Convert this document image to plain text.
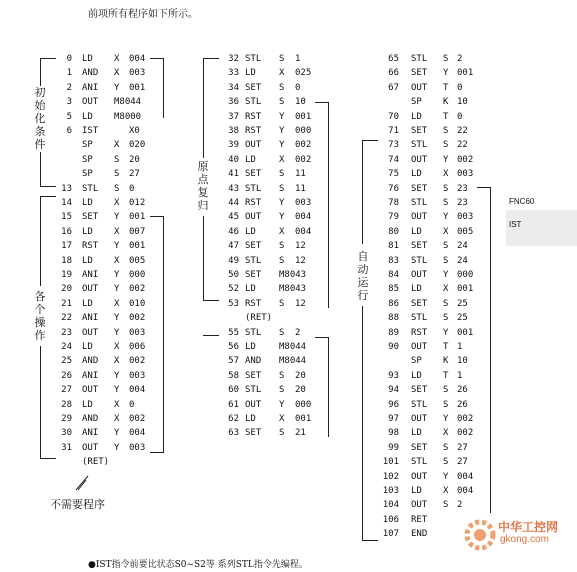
前项所有程序如下所示。
0 LD X 004
1 AND X 003
2 ANI Y 001
3 OUT M8044
5 LD M8000
6 IST	X0
SP X 020
SP S 20
SP S 27
13 STL S 0
14 LD X 012
15 SET Y 001
16 LD X 007
17 RST Y 001
18 LD X 005
19 ANI Y 000
20 OUT Y 002
21 LD X 010
22 ANI Y 002
23 OUT Y 003
24 LD X 006
25 AND X 002
26 ANI Y 003
27 OUT Y 004
28 LD X 0
29 AND X 002
30 ANI Y 004
31 OUT Y 003
(RET)
32 STL S 1
33 LD	X 025
34 SET S 0
36 STL S 10
37 RST Y 001
38 RST Y 000
39 OUT Y 002
40 LD	X 002
41 SET S 11
43 STL S 11
44 RST Y 003
45 OUT Y 004
46 LD	X 004
47 SET S 12
49 STL S 12
50 SET M8043
52 LD	M8043
53 RST S 12
(RET)
55 STL S 2
56 LD	M8044
57 AND M8044
58 SET S 20
60 STL S 20
61 OUT Y 000
62 LD	X 001
63 SET S 21
65 STL S 2
66 SET Y 001
67 OUT T 0
SP K 10
70 LD T 0
71 SET S 22
73 STL S 22
74 OUT Y 002
75 LD X 003
76 SET S 23
78 STL S 23
79 OUT Y 003
80 LD X 005
81 SET S 24
83 STL S 24
84 OUT Y 000
85 LD X 001
86 SET S 25
88 STL S 25
89 RST Y 001
90 OUT T 1
SP K 10
93 LD T 1
94 SET S 26
96 STL S 26
97 OUT Y 002
98 LD X 002
99 SET S 27
101 STL S 27
102 OUT Y 004
103 LD X 004
104 OUT S 2
106 RET
107 END
初
始
化
条
件
各
个
操
作
原
点
复
归
自
动
运
行
不需要程序
FNC60
IST
中华工控网
gkong.com
●IST指令前要比状态S0~S2等 系列STL指令先编程。
